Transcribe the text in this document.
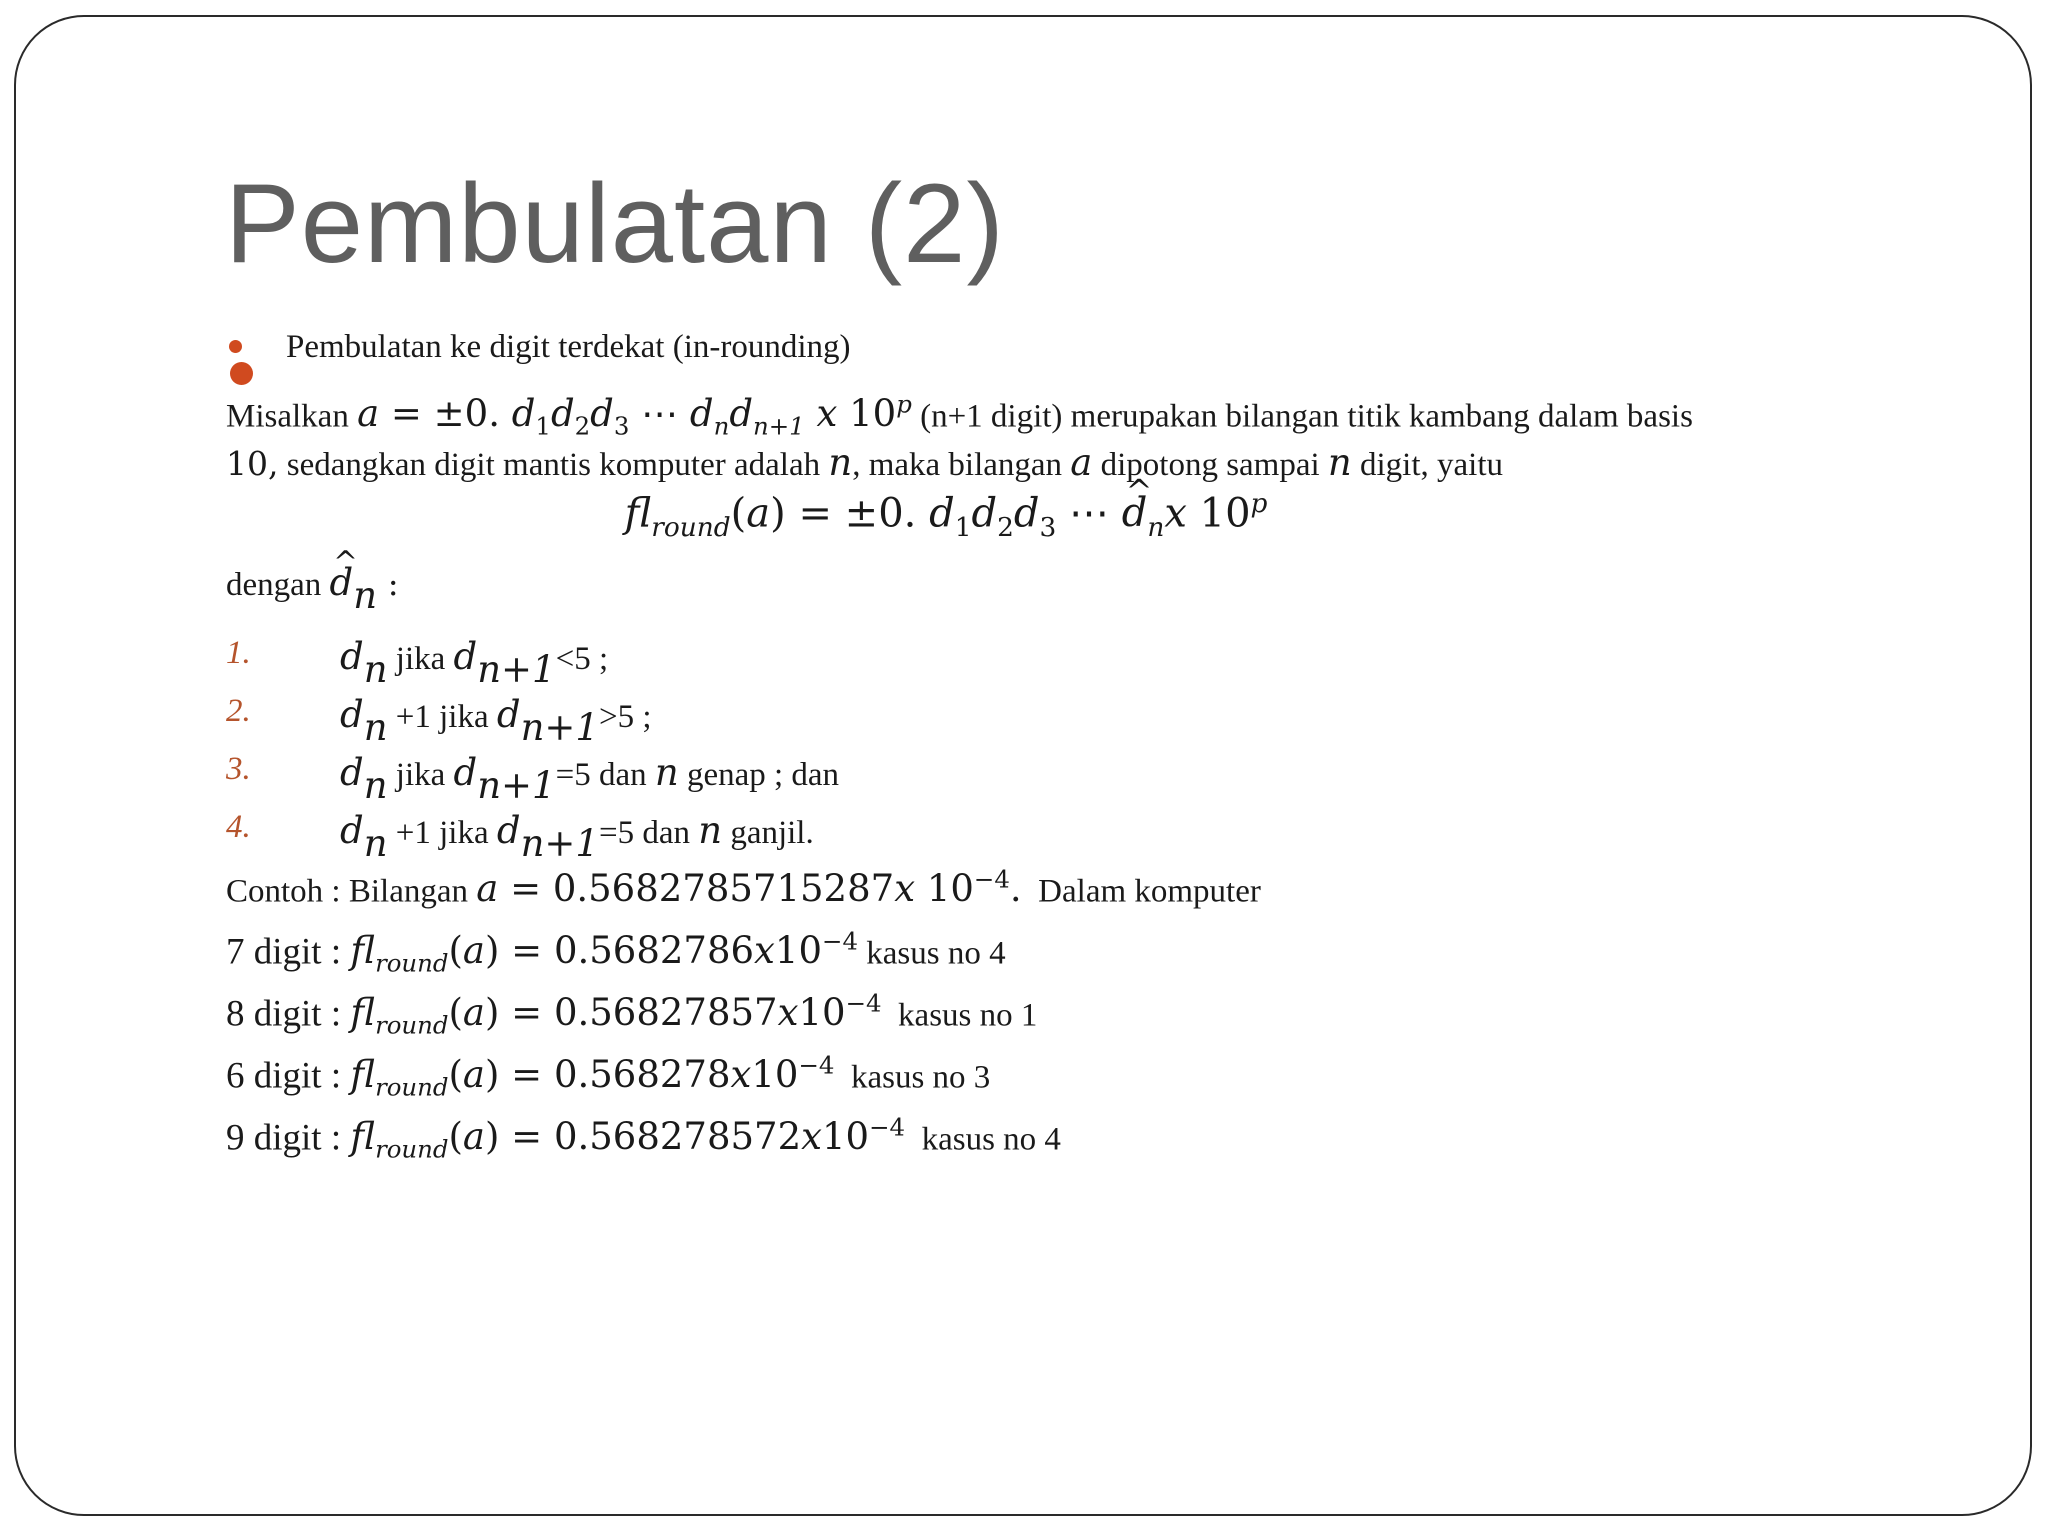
Pembulatan (2)
Pembulatan ke digit terdekat (in-rounding)
Misalkan a = ±0. $d_1d_2d_3$ ⋯ $d_nd_{n+1}$ x 10$^p$ (n+1 digit) merupakan bilangan titik kambang dalam basis
10, sedangkan digit mantis komputer adalah n, maka bilangan a dipotong sampai n digit, yaitu
$fl_{round}(a) = \pm 0$. $d_1d_2d_3$ ⋯ ^ $d_nx$ 10$^p$
dengan ^ $d_n$ :
1. $d_n$ jika $d_{n+1}<5$ ;
2. $d_n +1$ jika $d_{n+1}>5$ ;
3. $d_n$ jika $d_{n+1}=5$ dan n genap ; dan
4. $d_n +1$ jika $d_{n+1}=5$ dan n ganjil.
Contoh : Bilangan a = 0.5682785715287x $10^{-4}$. Dalam komputer
7 digit : $fl_{round}(a) = 0.5682786x10^{-4}$ kasus no 4
8 digit : $fl_{round}(a) = 0.56827857x10^{-4}$ kasus no 1
6 digit : $fl_{round}(a) = 0.568278x10^{-4}$ kasus no 3
9 digit : $fl_{round}(a) = 0.568278572x10^{-4}$ kasus no 4
